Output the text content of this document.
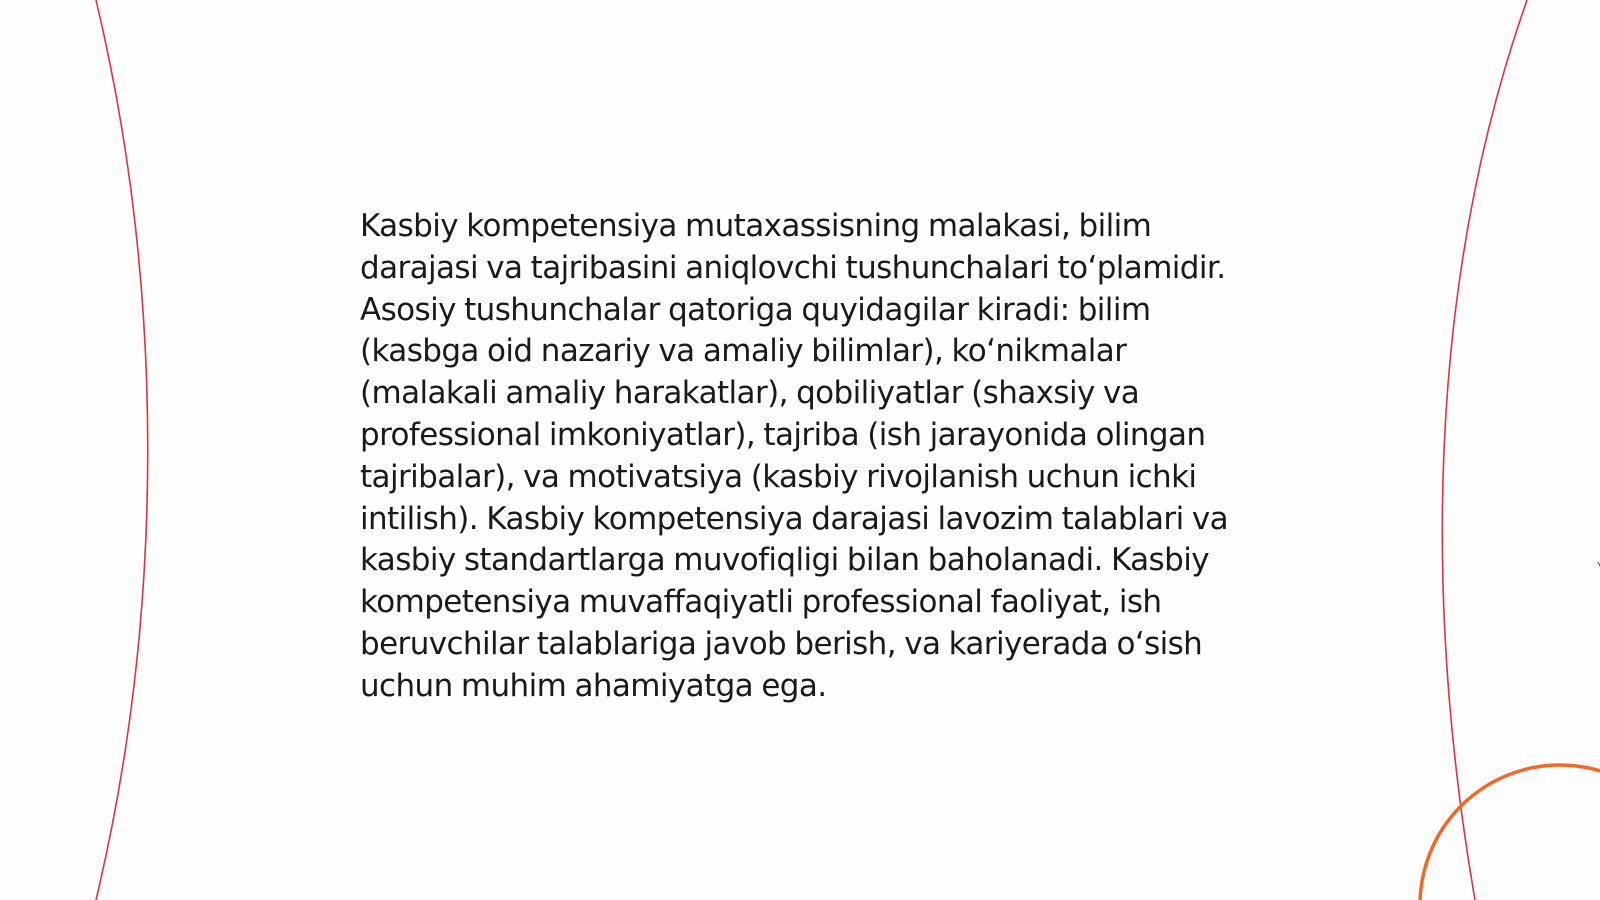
Kasbiy kompetensiya mutaxassisning malakasi, bilim darajasi va tajribasini aniqlovchi tushunchalari to‘plamidir. Asosiy tushunchalar qatoriga quyidagilar kiradi: bilim (kasbga oid nazariy va amaliy bilimlar), ko‘nikmalar (malakali amaliy harakatlar), qobiliyatlar (shaxsiy va professional imkoniyatlar), tajriba (ish jarayonida olingan tajribalar), va motivatsiya (kasbiy rivojlanish uchun ichki intilish). Kasbiy kompetensiya darajasi lavozim talablari va kasbiy standartlarga muvofiqligi bilan baholanadi. Kasbiy kompetensiya muvaffaqiyatli professional faoliyat, ish beruvchilar talablariga javob berish, va kariyerada o‘sish uchun muhim ahamiyatga ega.
